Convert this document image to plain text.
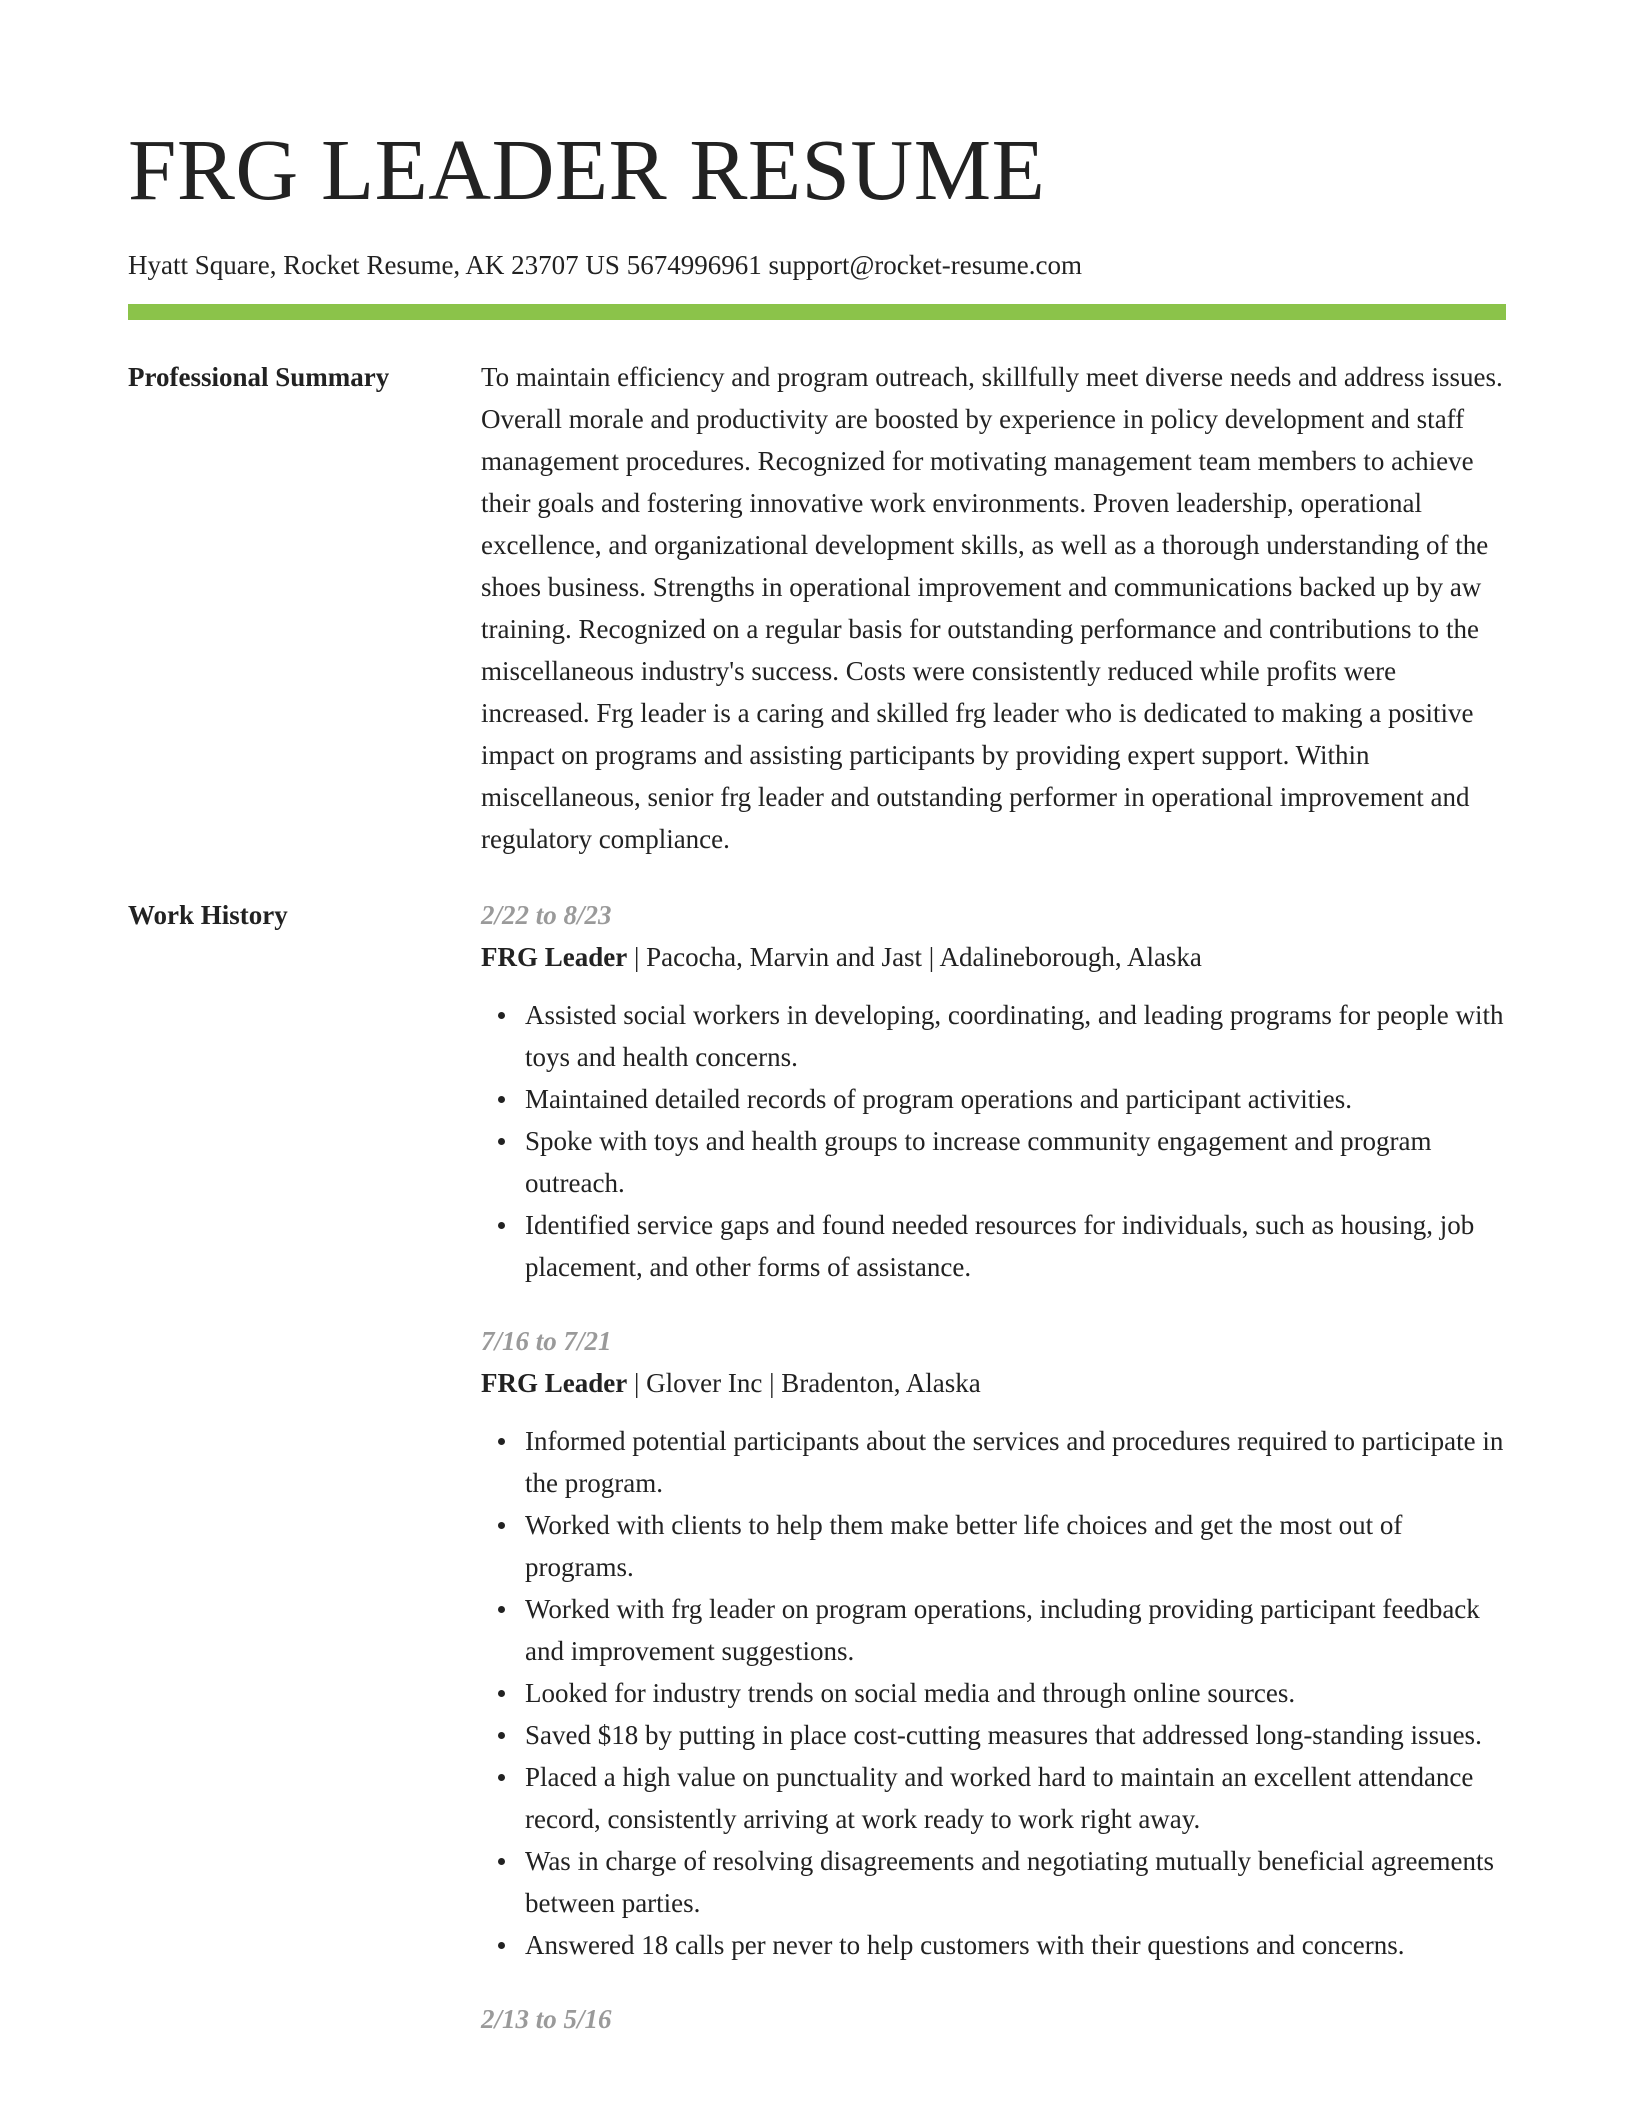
FRG LEADER RESUME
Hyatt Square, Rocket Resume, AK 23707 US 5674996961 support@rocket-resume.com
Professional Summary	To maintain efficiency and program outreach, skillfully meet diverse needs and address issues. Overall morale and productivity are boosted by experience in policy development and staff management procedures. Recognized for motivating management team members to achieve their goals and fostering innovative work environments. Proven leadership, operational excellence, and organizational development skills, as well as a thorough understanding of the shoes business. Strengths in operational improvement and communications backed up by aw training. Recognized on a regular basis for outstanding performance and contributions to the miscellaneous industry's success. Costs were consistently reduced while profits were increased. Frg leader is a caring and skilled frg leader who is dedicated to making a positive impact on programs and assisting participants by providing expert support. Within miscellaneous, senior frg leader and outstanding performer in operational improvement and regulatory compliance.

Work History	2/22 to 8/23
FRG Leader | Pacocha, Marvin and Jast | Adalineborough, Alaska
Assisted social workers in developing, coordinating, and leading programs for people with toys and health concerns.
Maintained detailed records of program operations and participant activities.
Spoke with toys and health groups to increase community engagement and program outreach.
Identified service gaps and found needed resources for individuals, such as housing, job placement, and other forms of assistance.
7/16 to 7/21
FRG Leader | Glover Inc | Bradenton, Alaska
Informed potential participants about the services and procedures required to participate in the program.
Worked with clients to help them make better life choices and get the most out of programs.
Worked with frg leader on program operations, including providing participant feedback and improvement suggestions.
Looked for industry trends on social media and through online sources.
Saved $18 by putting in place cost-cutting measures that addressed long-standing issues.
Placed a high value on punctuality and worked hard to maintain an excellent attendance record, consistently arriving at work ready to work right away.
Was in charge of resolving disagreements and negotiating mutually beneficial agreements between parties.
Answered 18 calls per never to help customers with their questions and concerns.
2/13 to 5/16
